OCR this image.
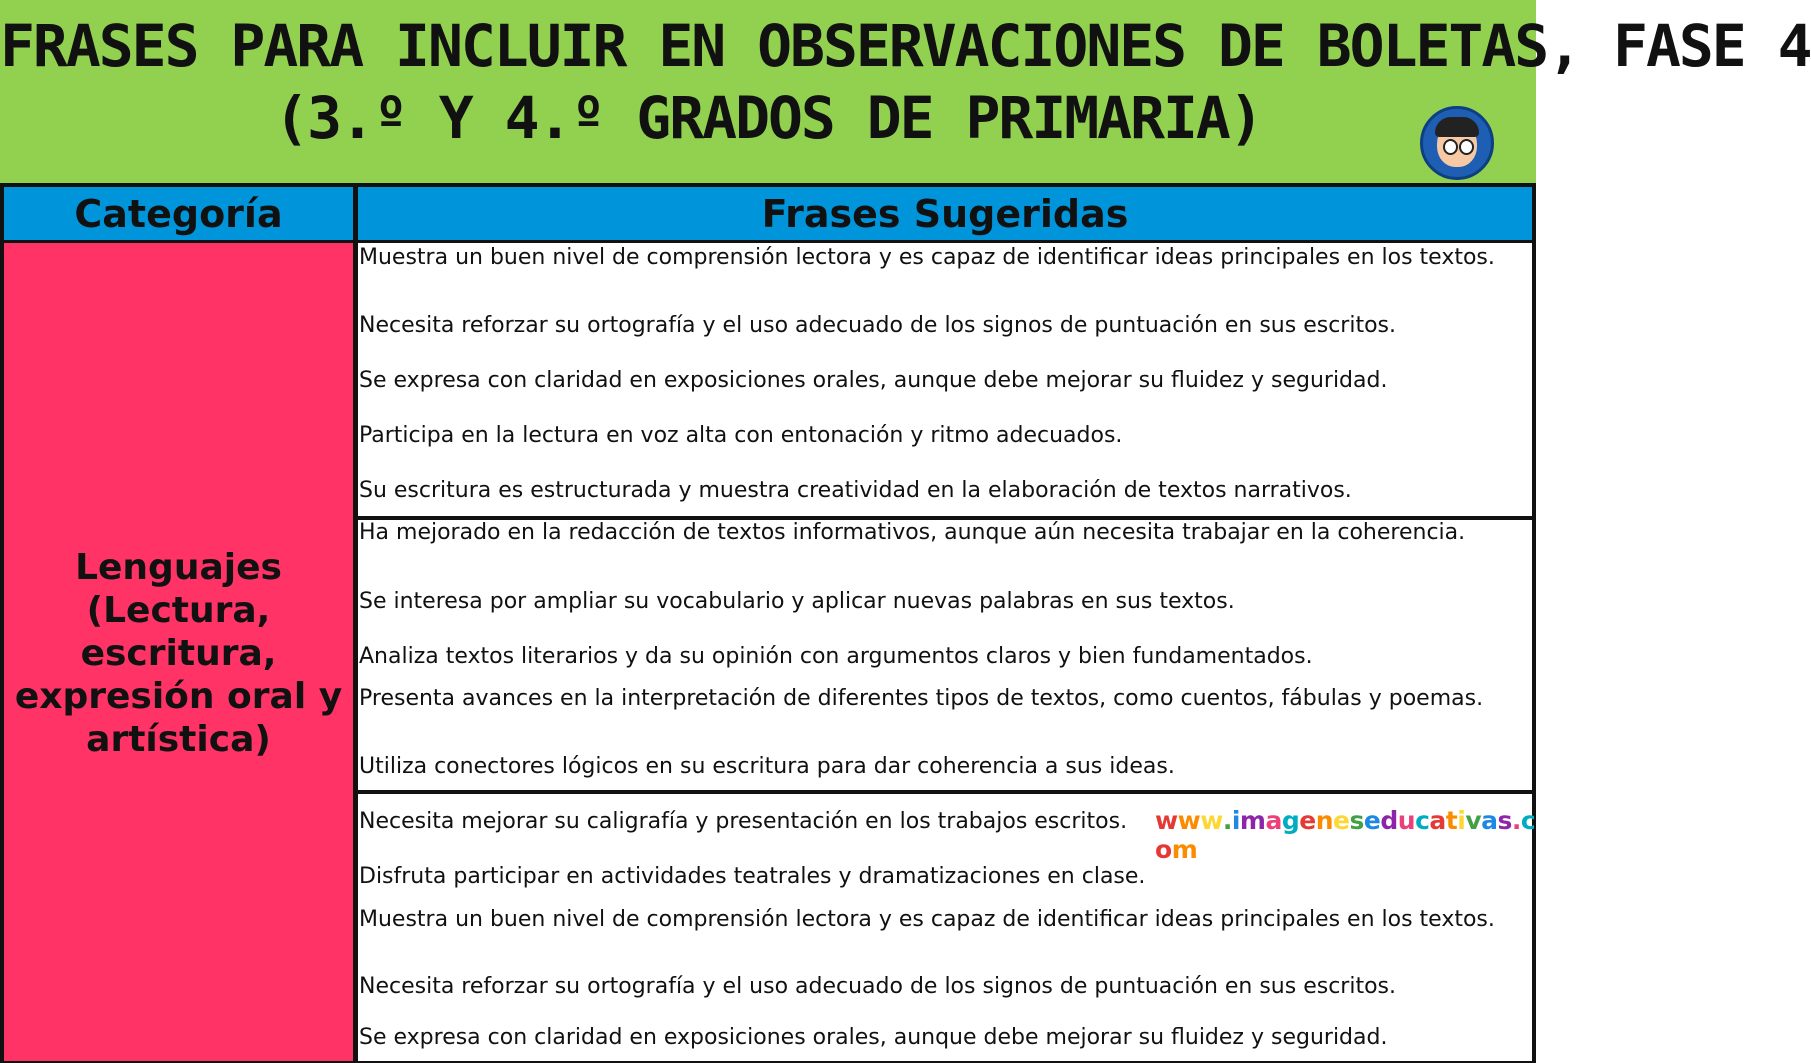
FRASES PARA INCLUIR EN OBSERVACIONES DE BOLETAS, FASE 4
(3.º Y 4.º GRADOS DE PRIMARIA)
Categoría	Frases Sugeridas
Lenguajes
(Lectura,
escritura,
expresión oral y
artística)
Muestra un buen nivel de comprensión lectora y es capaz de identificar ideas principales en los textos.
Necesita reforzar su ortografía y el uso adecuado de los signos de puntuación en sus escritos.
Se expresa con claridad en exposiciones orales, aunque debe mejorar su fluidez y seguridad.
Participa en la lectura en voz alta con entonación y ritmo adecuados.
Su escritura es estructurada y muestra creatividad en la elaboración de textos narrativos.
Ha mejorado en la redacción de textos informativos, aunque aún necesita trabajar en la coherencia.
Se interesa por ampliar su vocabulario y aplicar nuevas palabras en sus textos.
Analiza textos literarios y da su opinión con argumentos claros y bien fundamentados.
Presenta avances en la interpretación de diferentes tipos de textos, como cuentos, fábulas y poemas.
Utiliza conectores lógicos en su escritura para dar coherencia a sus ideas.
Necesita mejorar su caligrafía y presentación en los trabajos escritos.
Disfruta participar en actividades teatrales y dramatizaciones en clase.
Muestra un buen nivel de comprensión lectora y es capaz de identificar ideas principales en los textos.
Necesita reforzar su ortografía y el uso adecuado de los signos de puntuación en sus escritos.
Se expresa con claridad en exposiciones orales, aunque debe mejorar su fluidez y seguridad.
www.imageneseducativas.com
